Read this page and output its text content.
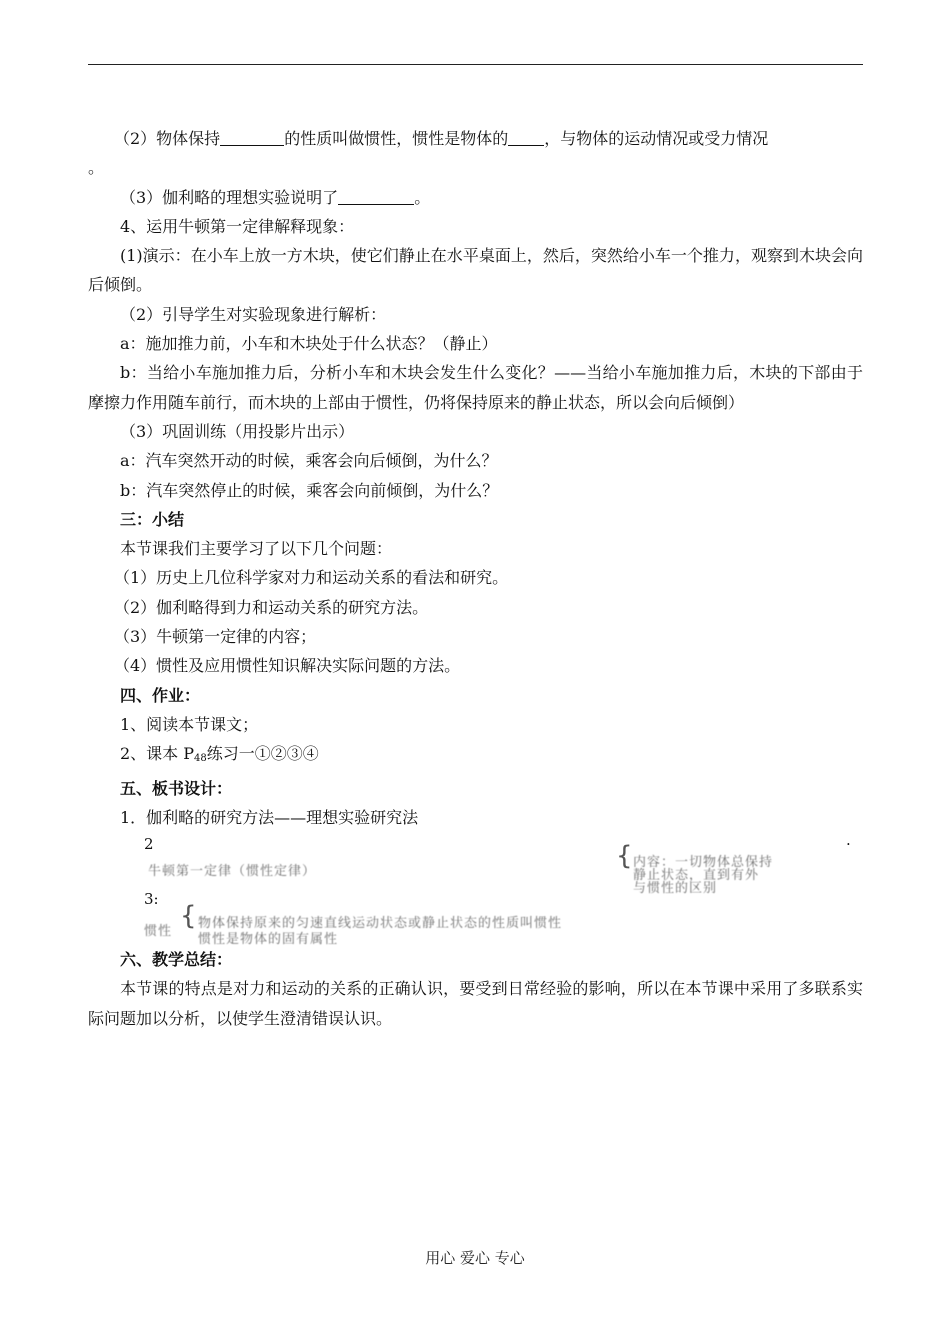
（2）物体保持	的性质叫做惯性，惯性是物体的 ，与物体的运动情况或受力情况
。

（3）伽利略的理想实验说明了	。

4、运用牛顿第一定律解释现象：

(1)演示：在小车上放一方木块，使它们静止在水平桌面上，然后，突然给小车一个推力，观察到木块会向后倾倒。

（2）引导学生对实验现象进行解析：

a：施加推力前，小车和木块处于什么状态？（静止）

b：当给小车施加推力后，分析小车和木块会发生什么变化？——当给小车施加推力后，木块的下部由于摩擦力作用随车前行，而木块的上部由于惯性，仍将保持原来的静止状态，所以会向后倾倒）

（3）巩固训练（用投影片出示）

a：汽车突然开动的时候，乘客会向后倾倒，为什么？

b：汽车突然停止的时候，乘客会向前倾倒，为什么？

三：小结

本节课我们主要学习了以下几个问题：

（1）历史上几位科学家对力和运动关系的看法和研究。

（2）伽利略得到力和运动关系的研究方法。

（3）牛顿第一定律的内容；

（4）惯性及应用惯性知识解决实际问题的方法。

四、作业：

1、阅读本节课文；

2、课本 $P_{48}$练习一①②③④

五、板书设计：

1．伽利略的研究方法——理想实验研究法

2	.
牛顿第一定律（惯性定律）
{ 内容：一切物体总保持
静止状态，直到有外
与惯性的区别
3:
惯性
{ 物体保持原来的匀速直线运动状态或静止状态的性质叫惯性
惯性是物体的固有属性

六、教学总结：

本节课的特点是对力和运动的关系的正确认识，要受到日常经验的影响，所以在本节课中采用了多联系实际问题加以分析，以使学生澄清错误认识。

用心 爱心 专心
